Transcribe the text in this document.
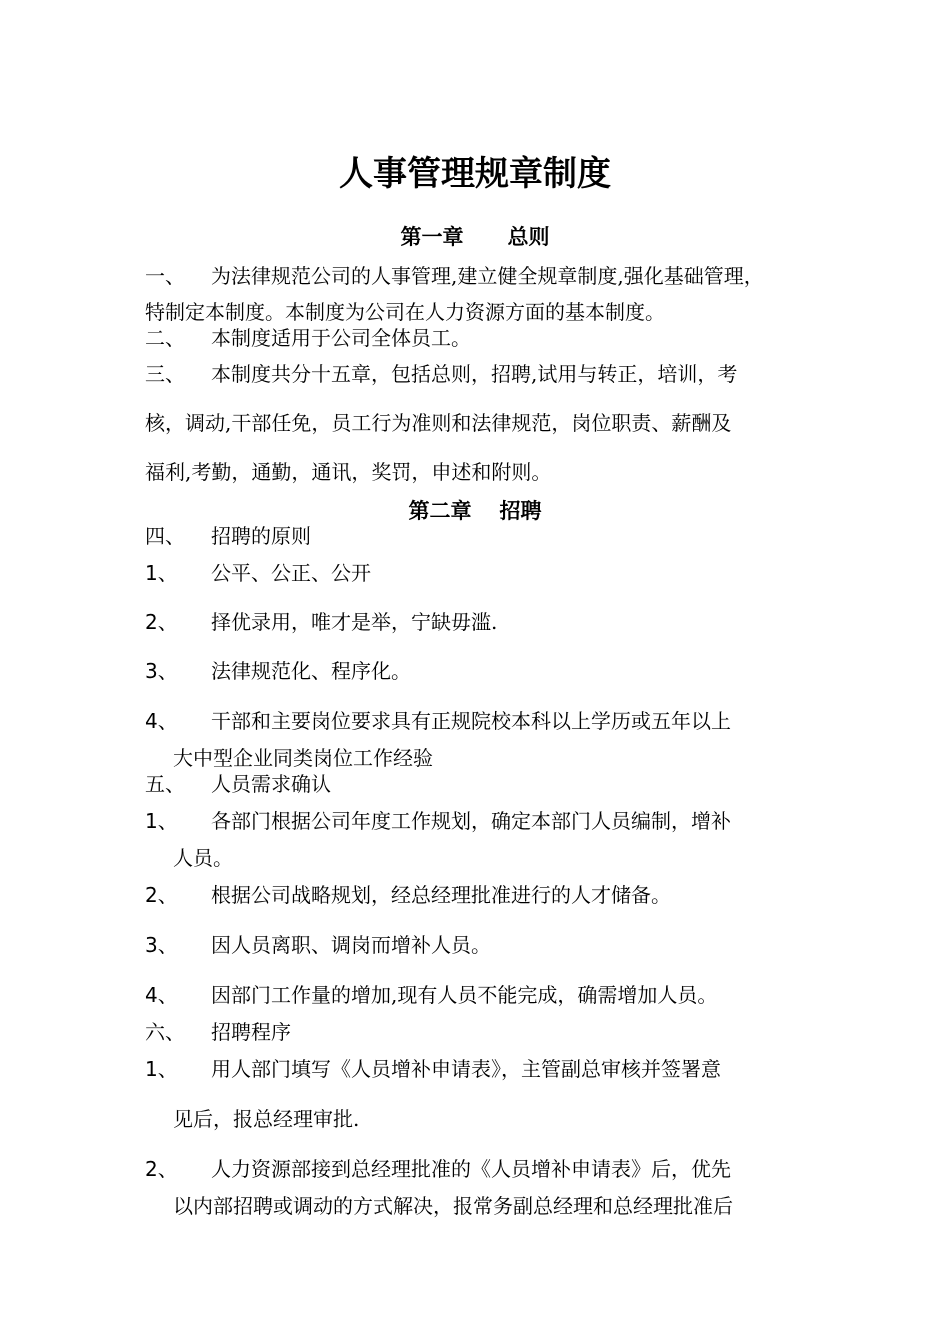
人事管理规章制度
第一章 总则
一、 为法律规范公司的人事管理,建立健全规章制度,强化基础管理，
特制定本制度。本制度为公司在人力资源方面的基本制度。
二、 本制度适用于公司全体员工。
三、 本制度共分十五章，包括总则，招聘,试用与转正，培训，考
核，调动,干部任免，员工行为准则和法律规范，岗位职责、薪酬及
福利,考勤，通勤，通讯，奖罚，申述和附则。
第二章 招聘
四、 招聘的原则
1、 公平、公正、公开
2、 择优录用，唯才是举，宁缺毋滥.
3、 法律规范化、程序化。
4、 干部和主要岗位要求具有正规院校本科以上学历或五年以上
大中型企业同类岗位工作经验
五、 人员需求确认
1、 各部门根据公司年度工作规划，确定本部门人员编制，增补
人员。
2、 根据公司战略规划，经总经理批准进行的人才储备。
3、 因人员离职、调岗而增补人员。
4、 因部门工作量的增加,现有人员不能完成，确需增加人员。
六、 招聘程序
1、 用人部门填写《人员增补申请表》，主管副总审核并签署意
见后，报总经理审批.
2、 人力资源部接到总经理批准的《人员增补申请表》后，优先
以内部招聘或调动的方式解决，报常务副总经理和总经理批准后
